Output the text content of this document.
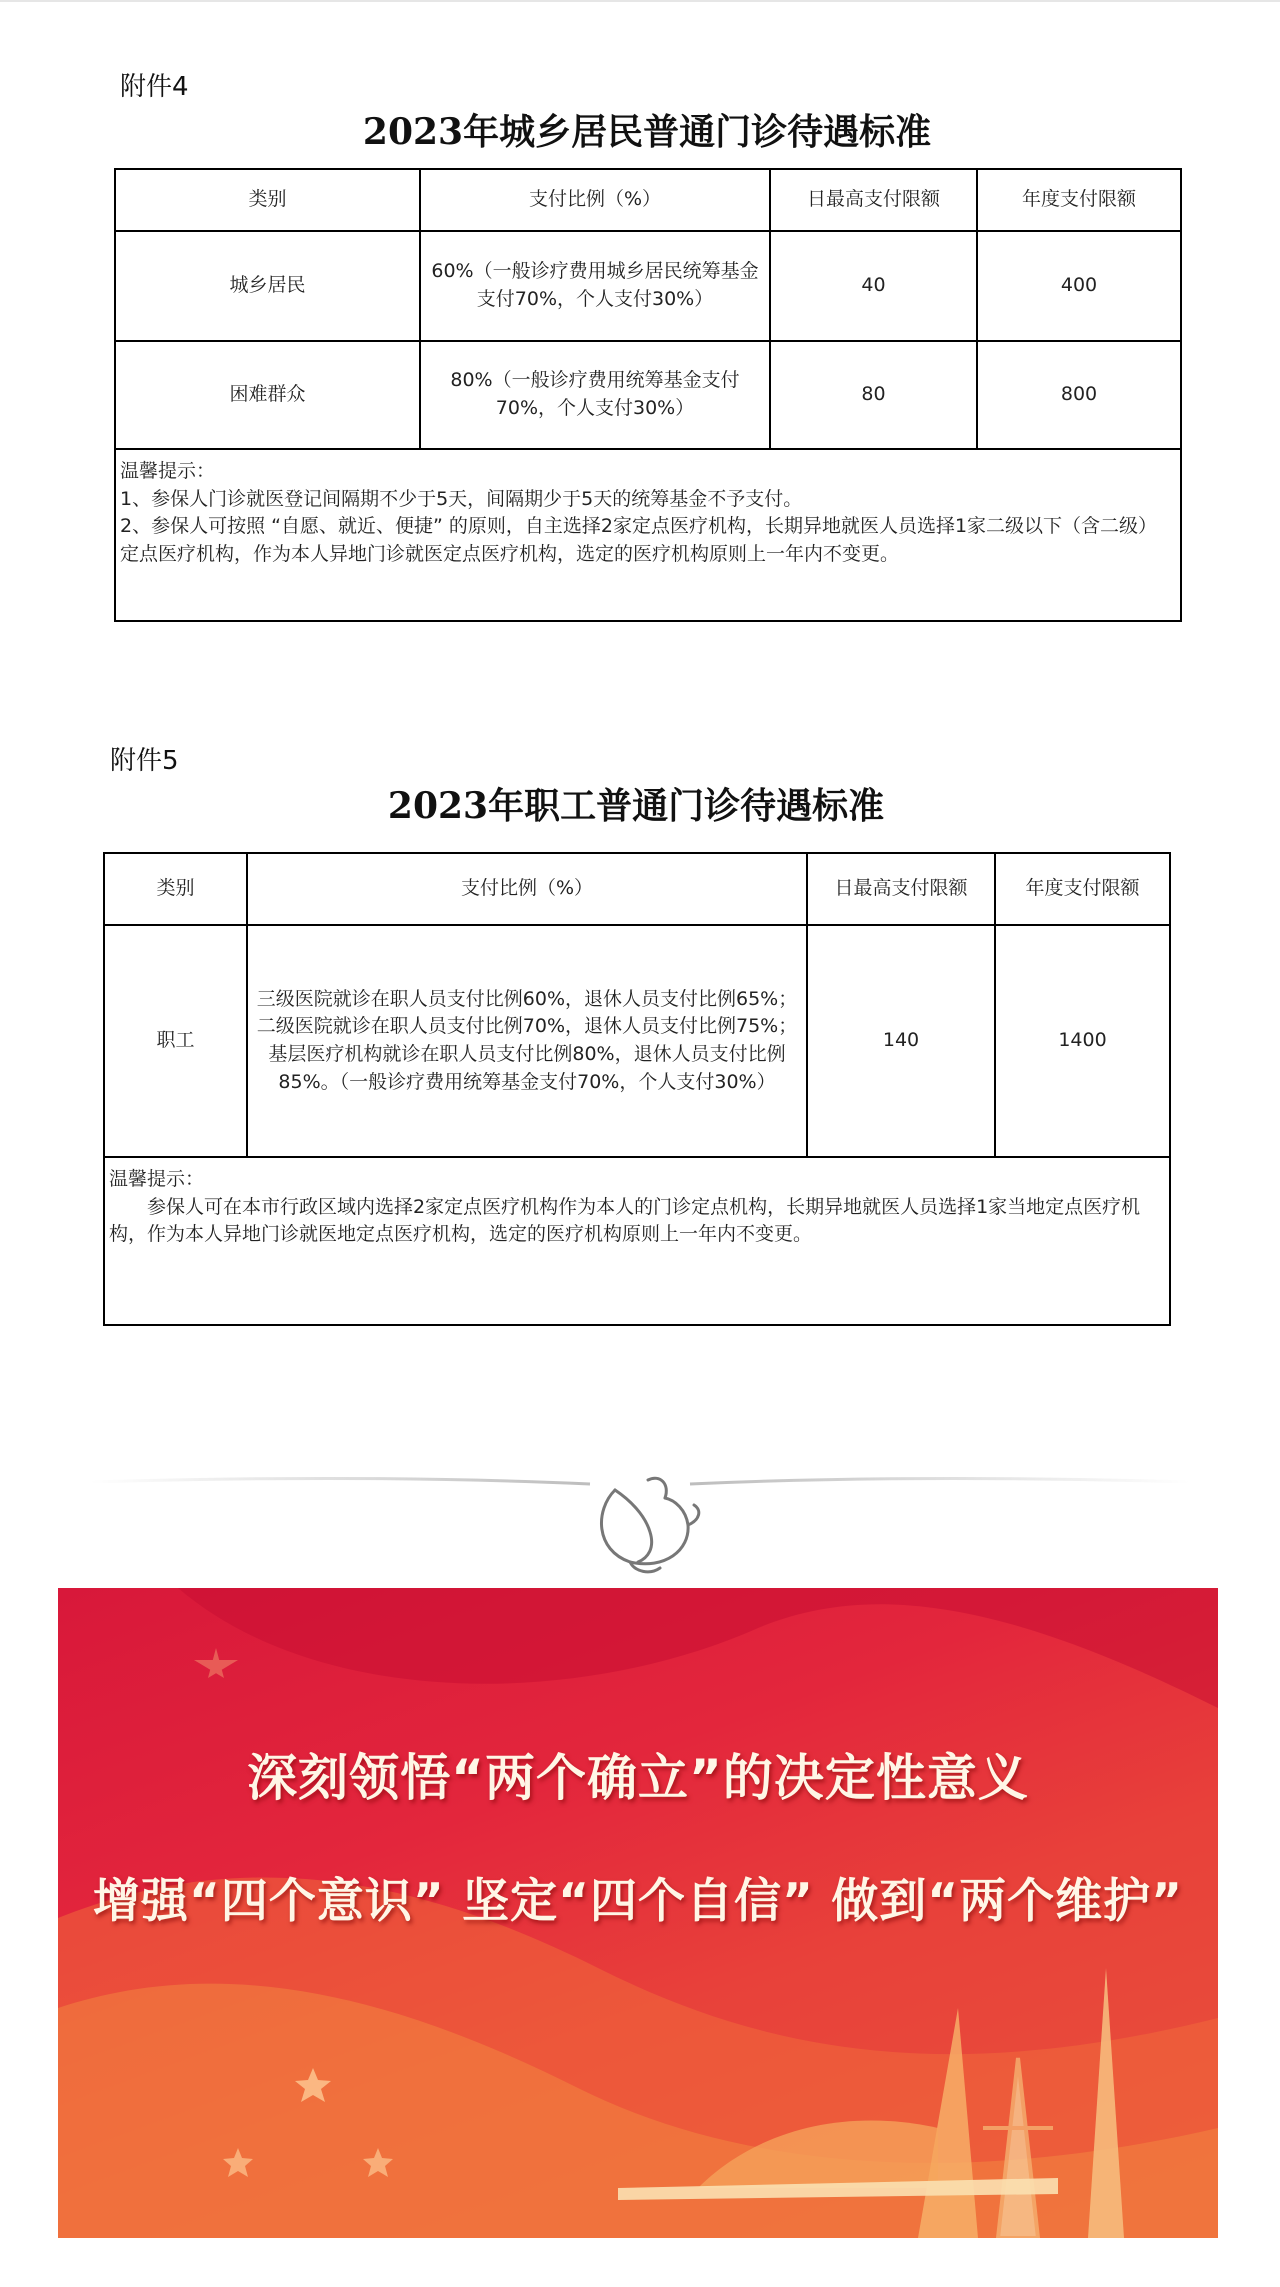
附件4
2023年城乡居民普通门诊待遇标准
类别	支付比例（%）	日最高支付限额	年度支付限额
城乡居民	60%（一般诊疗费用城乡居民统筹基金支付70%，个人支付30%）	40	400
困难群众	80%（一般诊疗费用统筹基金支付70%，个人支付30%）	80	800

温馨提示：
1、参保人门诊就医登记间隔期不少于5天，间隔期少于5天的统筹基金不予支付。
2、参保人可按照 “自愿、就近、便捷” 的原则，自主选择2家定点医疗机构，长期异地就医人员选择1家二级以下（含二级）定点医疗机构，作为本人异地门诊就医定点医疗机构，选定的医疗机构原则上一年内不变更。			
附件5
2023年职工普通门诊待遇标准
类别	支付比例（%）	日最高支付限额	年度支付限额
职工	三级医院就诊在职人员支付比例60%，退休人员支付比例65%；二级医院就诊在职人员支付比例70%，退休人员支付比例75%；基层医疗机构就诊在职人员支付比例80%，退休人员支付比例85%。（一般诊疗费用统筹基金支付70%，个人支付30%）	140	1400

温馨提示：
参保人可在本市行政区域内选择2家定点医疗机构作为本人的门诊定点机构，长期异地就医人员选择1家当地定点医疗机构，作为本人异地门诊就医地定点医疗机构，选定的医疗机构原则上一年内不变更。			
深刻领悟“两个确立”的决定性意义
增强“四个意识” 坚定“四个自信” 做到“两个维护”
